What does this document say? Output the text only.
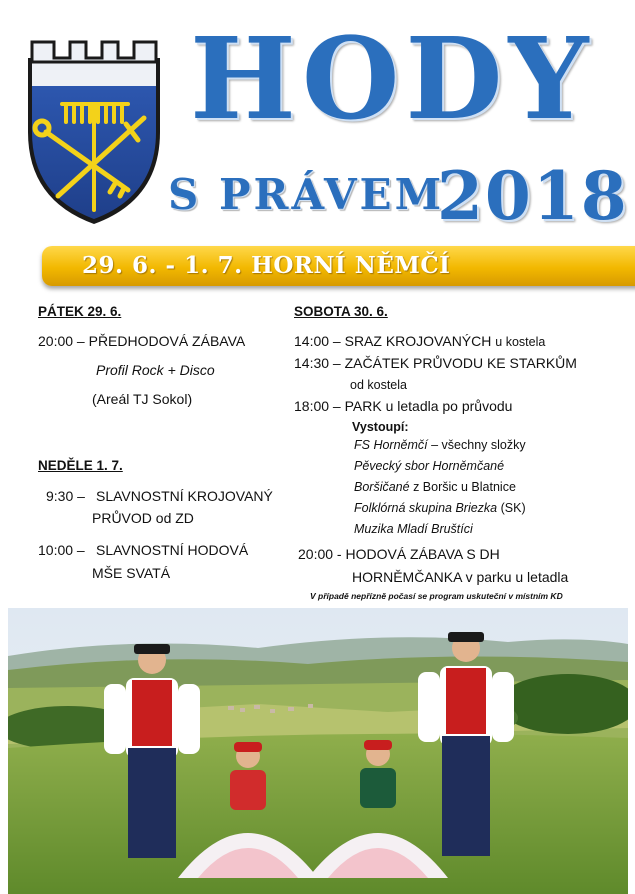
HODY
S PRÁVEM
2018
29. 6. - 1. 7. HORNÍ NĚMČÍ
PÁTEK 29. 6.
20:00 – PŘEDHODOVÁ ZÁBAVA
Profil Rock + Disco
(Areál TJ Sokol)
NEDĚLE 1. 7.
9:30 – SLAVNOSTNÍ KROJOVANÝ
PRŮVOD od ZD
10:00 – SLAVNOSTNÍ HODOVÁ
MŠE SVATÁ
SOBOTA 30. 6.
14:00 – SRAZ KROJOVANÝCH u kostela
14:30 – ZAČÁTEK PRŮVODU KE STARKŮM
od kostela
18:00 – PARK u letadla po průvodu
Vystoupí:
FS Horněmčí – všechny složky
Pěvecký sbor Horněmčané
Boršičané z Boršic u Blatnice
Folklórná skupina Briezka (SK)
Muzika Mladí Bruštíci
20:00 - HODOVÁ ZÁBAVA S DH
HORNĚMČANKA v parku u letadla
V případě nepřízně počasí se program uskuteční v místním KD
